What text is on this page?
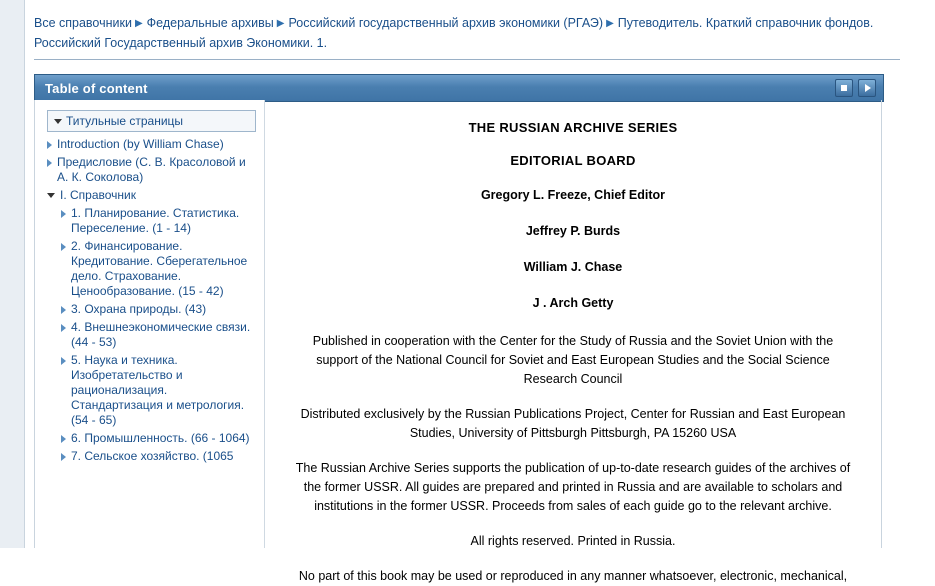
Все справочники ▶ Федеральные архивы ▶ Российский государственный архив экономики (РГАЭ) ▶ Путеводитель. Краткий справочник фондов. Российский Государственный архив Экономики. 1.
Table of content
Титульные страницы
Introduction (by William Chase)
Предисловие (С. В. Красоловой и А. К. Соколова)
I. Справочник
1. Планирование. Статистика. Переселение. (1 - 14)
2. Финансирование. Кредитование. Сберегательное дело. Страхование. Ценообразование. (15 - 42)
3. Охрана природы. (43)
4. Внешнеэкономические связи. (44 - 53)
5. Наука и техника. Изобретательство и рационализация. Стандартизация и метрология. (54 - 65)
6. Промышленность. (66 - 1064)
7. Сельское хозяйство. (1065
THE RUSSIAN ARCHIVE SERIES
EDITORIAL BOARD
Gregory L. Freeze, Chief Editor
Jeffrey P. Burds
William J. Chase
J . Arch Getty

Published in cooperation with the Center for the Study of Russia and the Soviet Union with the support of the National Council for Soviet and East European Studies and the Social Science Research Council

Distributed exclusively by the Russian Publications Project, Center for Russian and East European Studies, University of Pittsburgh Pittsburgh, PA 15260 USA

The Russian Archive Series supports the publication of up-to-date research guides of the archives of the former USSR. All guides are prepared and printed in Russia and are available to scholars and institutions in the former USSR. Proceeds from sales of each guide go to the relevant archive.

All rights reserved. Printed in Russia.

No part of this book may be used or reproduced in any manner whatsoever, electronic, mechanical,
